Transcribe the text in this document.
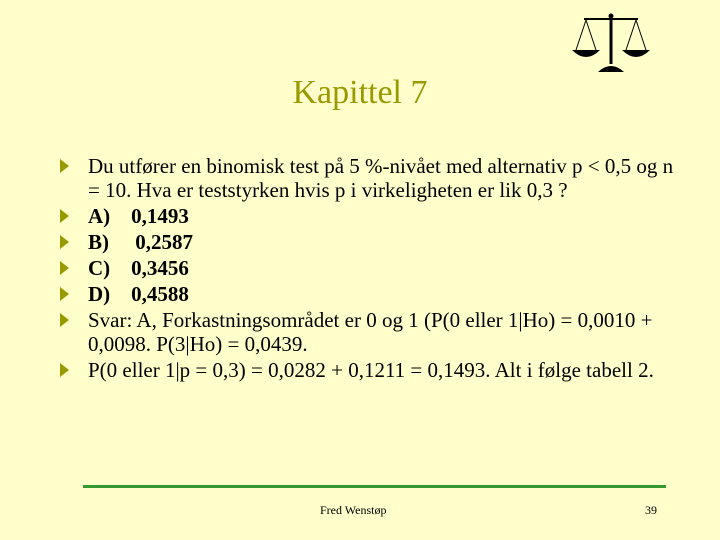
Kapittel 7
Du utfører en binomisk test på 5 %-nivået med alternativ p < 0,5 og n = 10. Hva er teststyrken hvis p i virkeligheten er lik 0,3 ?
A)    0,1493
B)     0,2587
C)    0,3456
D)    0,4588
Svar: A, Forkastningsområdet er 0 og 1 (P(0 eller 1|Ho) = 0,0010 + 0,0098. P(3|Ho) = 0,0439.
P(0 eller 1|p = 0,3) = 0,0282 + 0,1211 = 0,1493. Alt i følge tabell 2.
Fred Wenstøp	39
